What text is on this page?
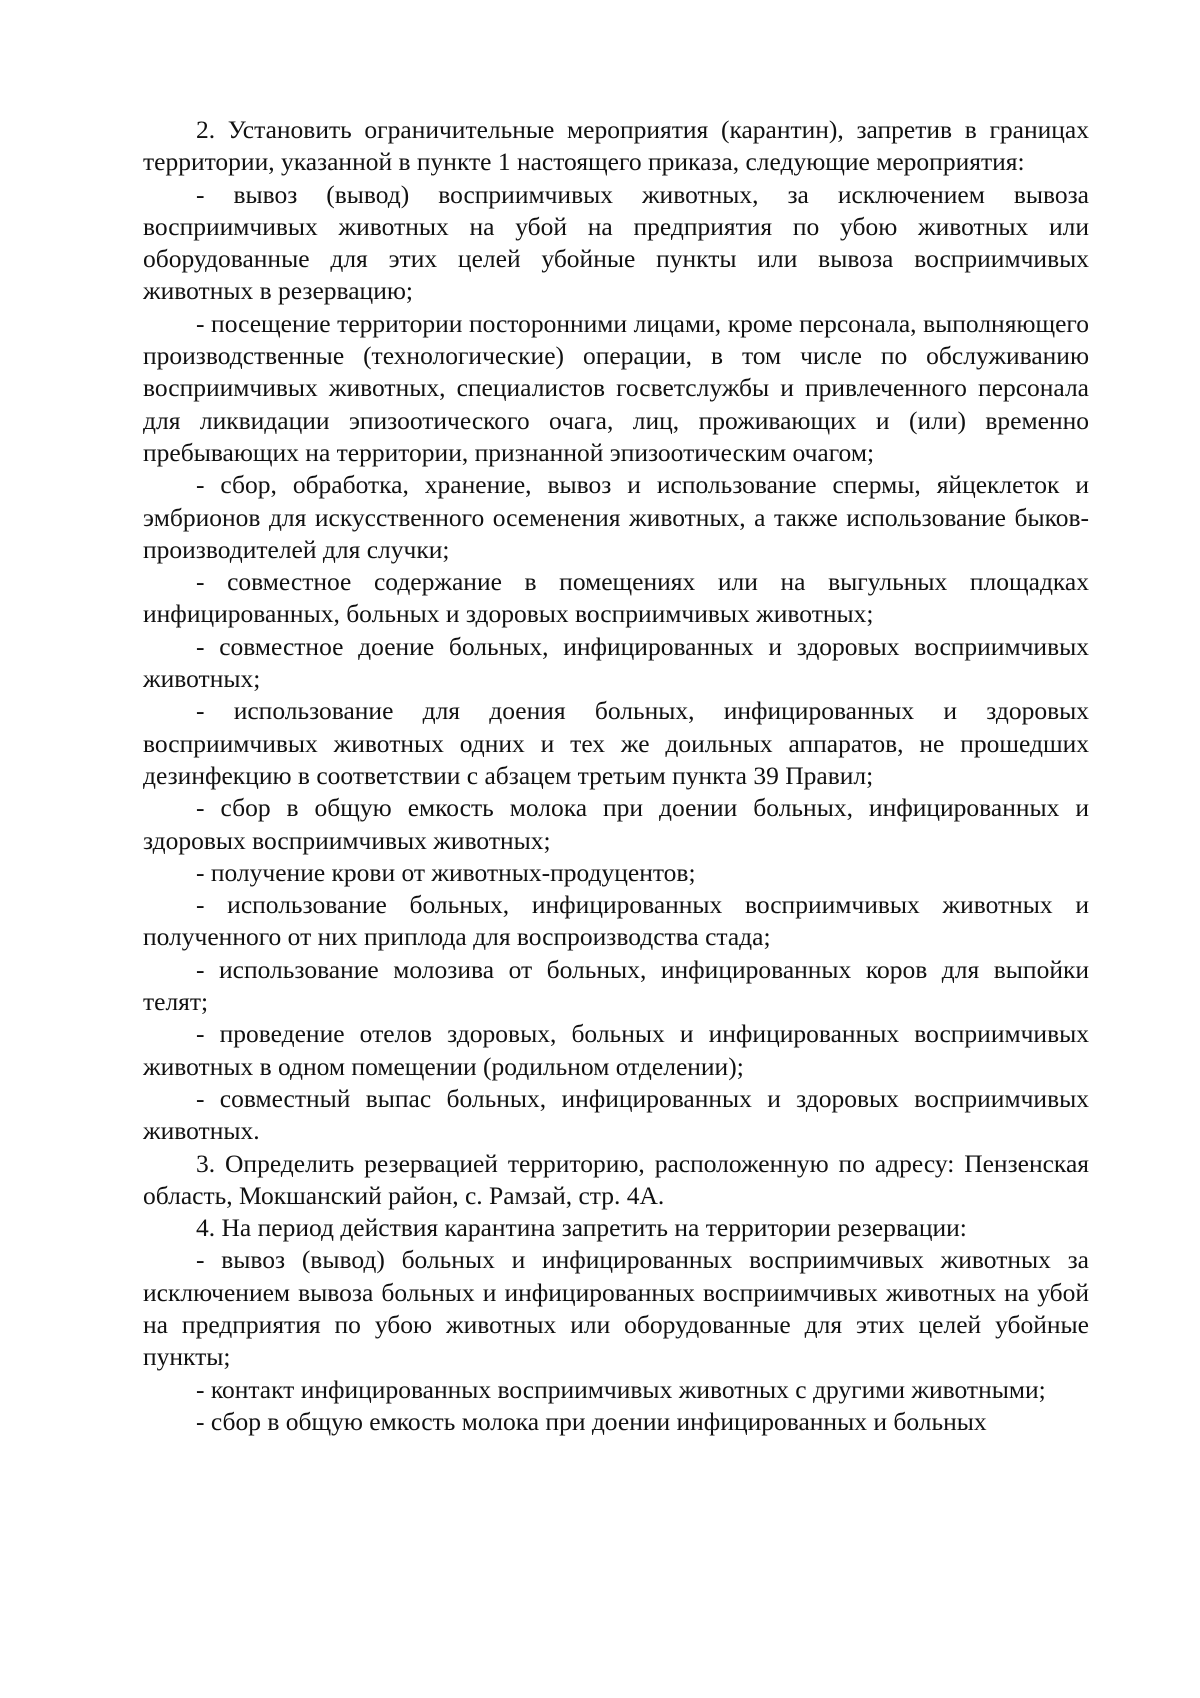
2. Установить ограничительные мероприятия (карантин), запретив в границах территории, указанной в пункте 1 настоящего приказа, следующие мероприятия:

- вывоз (вывод) восприимчивых животных, за исключением вывоза восприимчивых животных на убой на предприятия по убою животных или оборудованные для этих целей убойные пункты или вывоза восприимчивых животных в резервацию;

- посещение территории посторонними лицами, кроме персонала, выполняющего производственные (технологические) операции, в том числе по обслуживанию восприимчивых животных, специалистов госветслужбы и привлеченного персонала для ликвидации эпизоотического очага, лиц, проживающих и (или) временно пребывающих на территории, признанной эпизоотическим очагом;

- сбор, обработка, хранение, вывоз и использование спермы, яйцеклеток и эмбрионов для искусственного осеменения животных, а также использование быков-производителей для случки;

- совместное содержание в помещениях или на выгульных площадках инфицированных, больных и здоровых восприимчивых животных;

- совместное доение больных, инфицированных и здоровых восприимчивых животных;

- использование для доения больных, инфицированных и здоровых восприимчивых животных одних и тех же доильных аппаратов, не прошедших дезинфекцию в соответствии с абзацем третьим пункта 39 Правил;

- сбор в общую емкость молока при доении больных, инфицированных и здоровых восприимчивых животных;

- получение крови от животных-продуцентов;

- использование больных, инфицированных восприимчивых животных и полученного от них приплода для воспроизводства стада;

- использование молозива от больных, инфицированных коров для выпойки телят;

- проведение отелов здоровых, больных и инфицированных восприимчивых животных в одном помещении (родильном отделении);

- совместный выпас больных, инфицированных и здоровых восприимчивых животных.

3. Определить резервацией территорию, расположенную по адресу: Пензенская область, Мокшанский район, с. Рамзай, стр. 4А.

4. На период действия карантина запретить на территории резервации:

- вывоз (вывод) больных и инфицированных восприимчивых животных за исключением вывоза больных и инфицированных восприимчивых животных на убой на предприятия по убою животных или оборудованные для этих целей убойные пункты;

- контакт инфицированных восприимчивых животных с другими животными;

- сбор в общую емкость молока при доении инфицированных и больных
